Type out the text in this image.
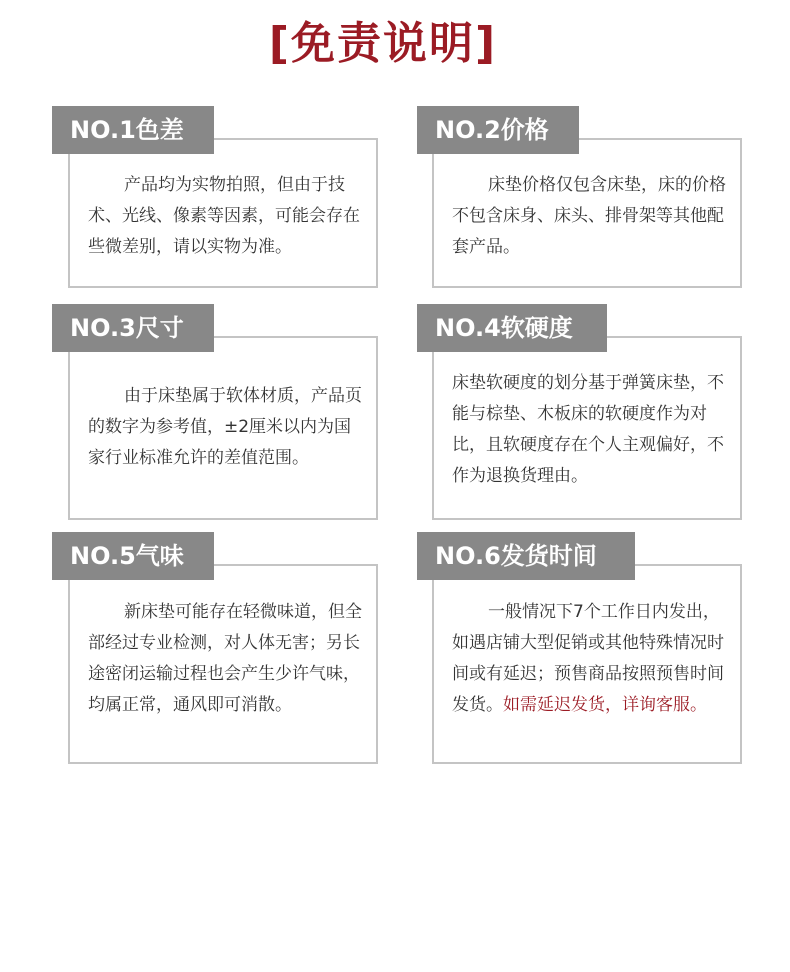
[免责说明]
NO.1色差

产品均为实物拍照，但由于技术、光线、像素等因素，可能会存在些微差别，请以实物为准。

NO.2价格

床垫价格仅包含床垫，床的价格不包含床身、床头、排骨架等其他配套产品。

NO.3尺寸

由于床垫属于软体材质，产品页的数字为参考值，±2厘米以内为国家行业标准允许的差值范围。

NO.4软硬度

床垫软硬度的划分基于弹簧床垫，不能与棕垫、木板床的软硬度作为对比，且软硬度存在个人主观偏好，不作为退换货理由。

NO.5气味

新床垫可能存在轻微味道，但全部经过专业检测，对人体无害；另长途密闭运输过程也会产生少许气味，均属正常，通风即可消散。

NO.6发货时间

一般情况下7个工作日内发出，如遇店铺大型促销或其他特殊情况时间或有延迟；预售商品按照预售时间发货。如需延迟发货，详询客服。
